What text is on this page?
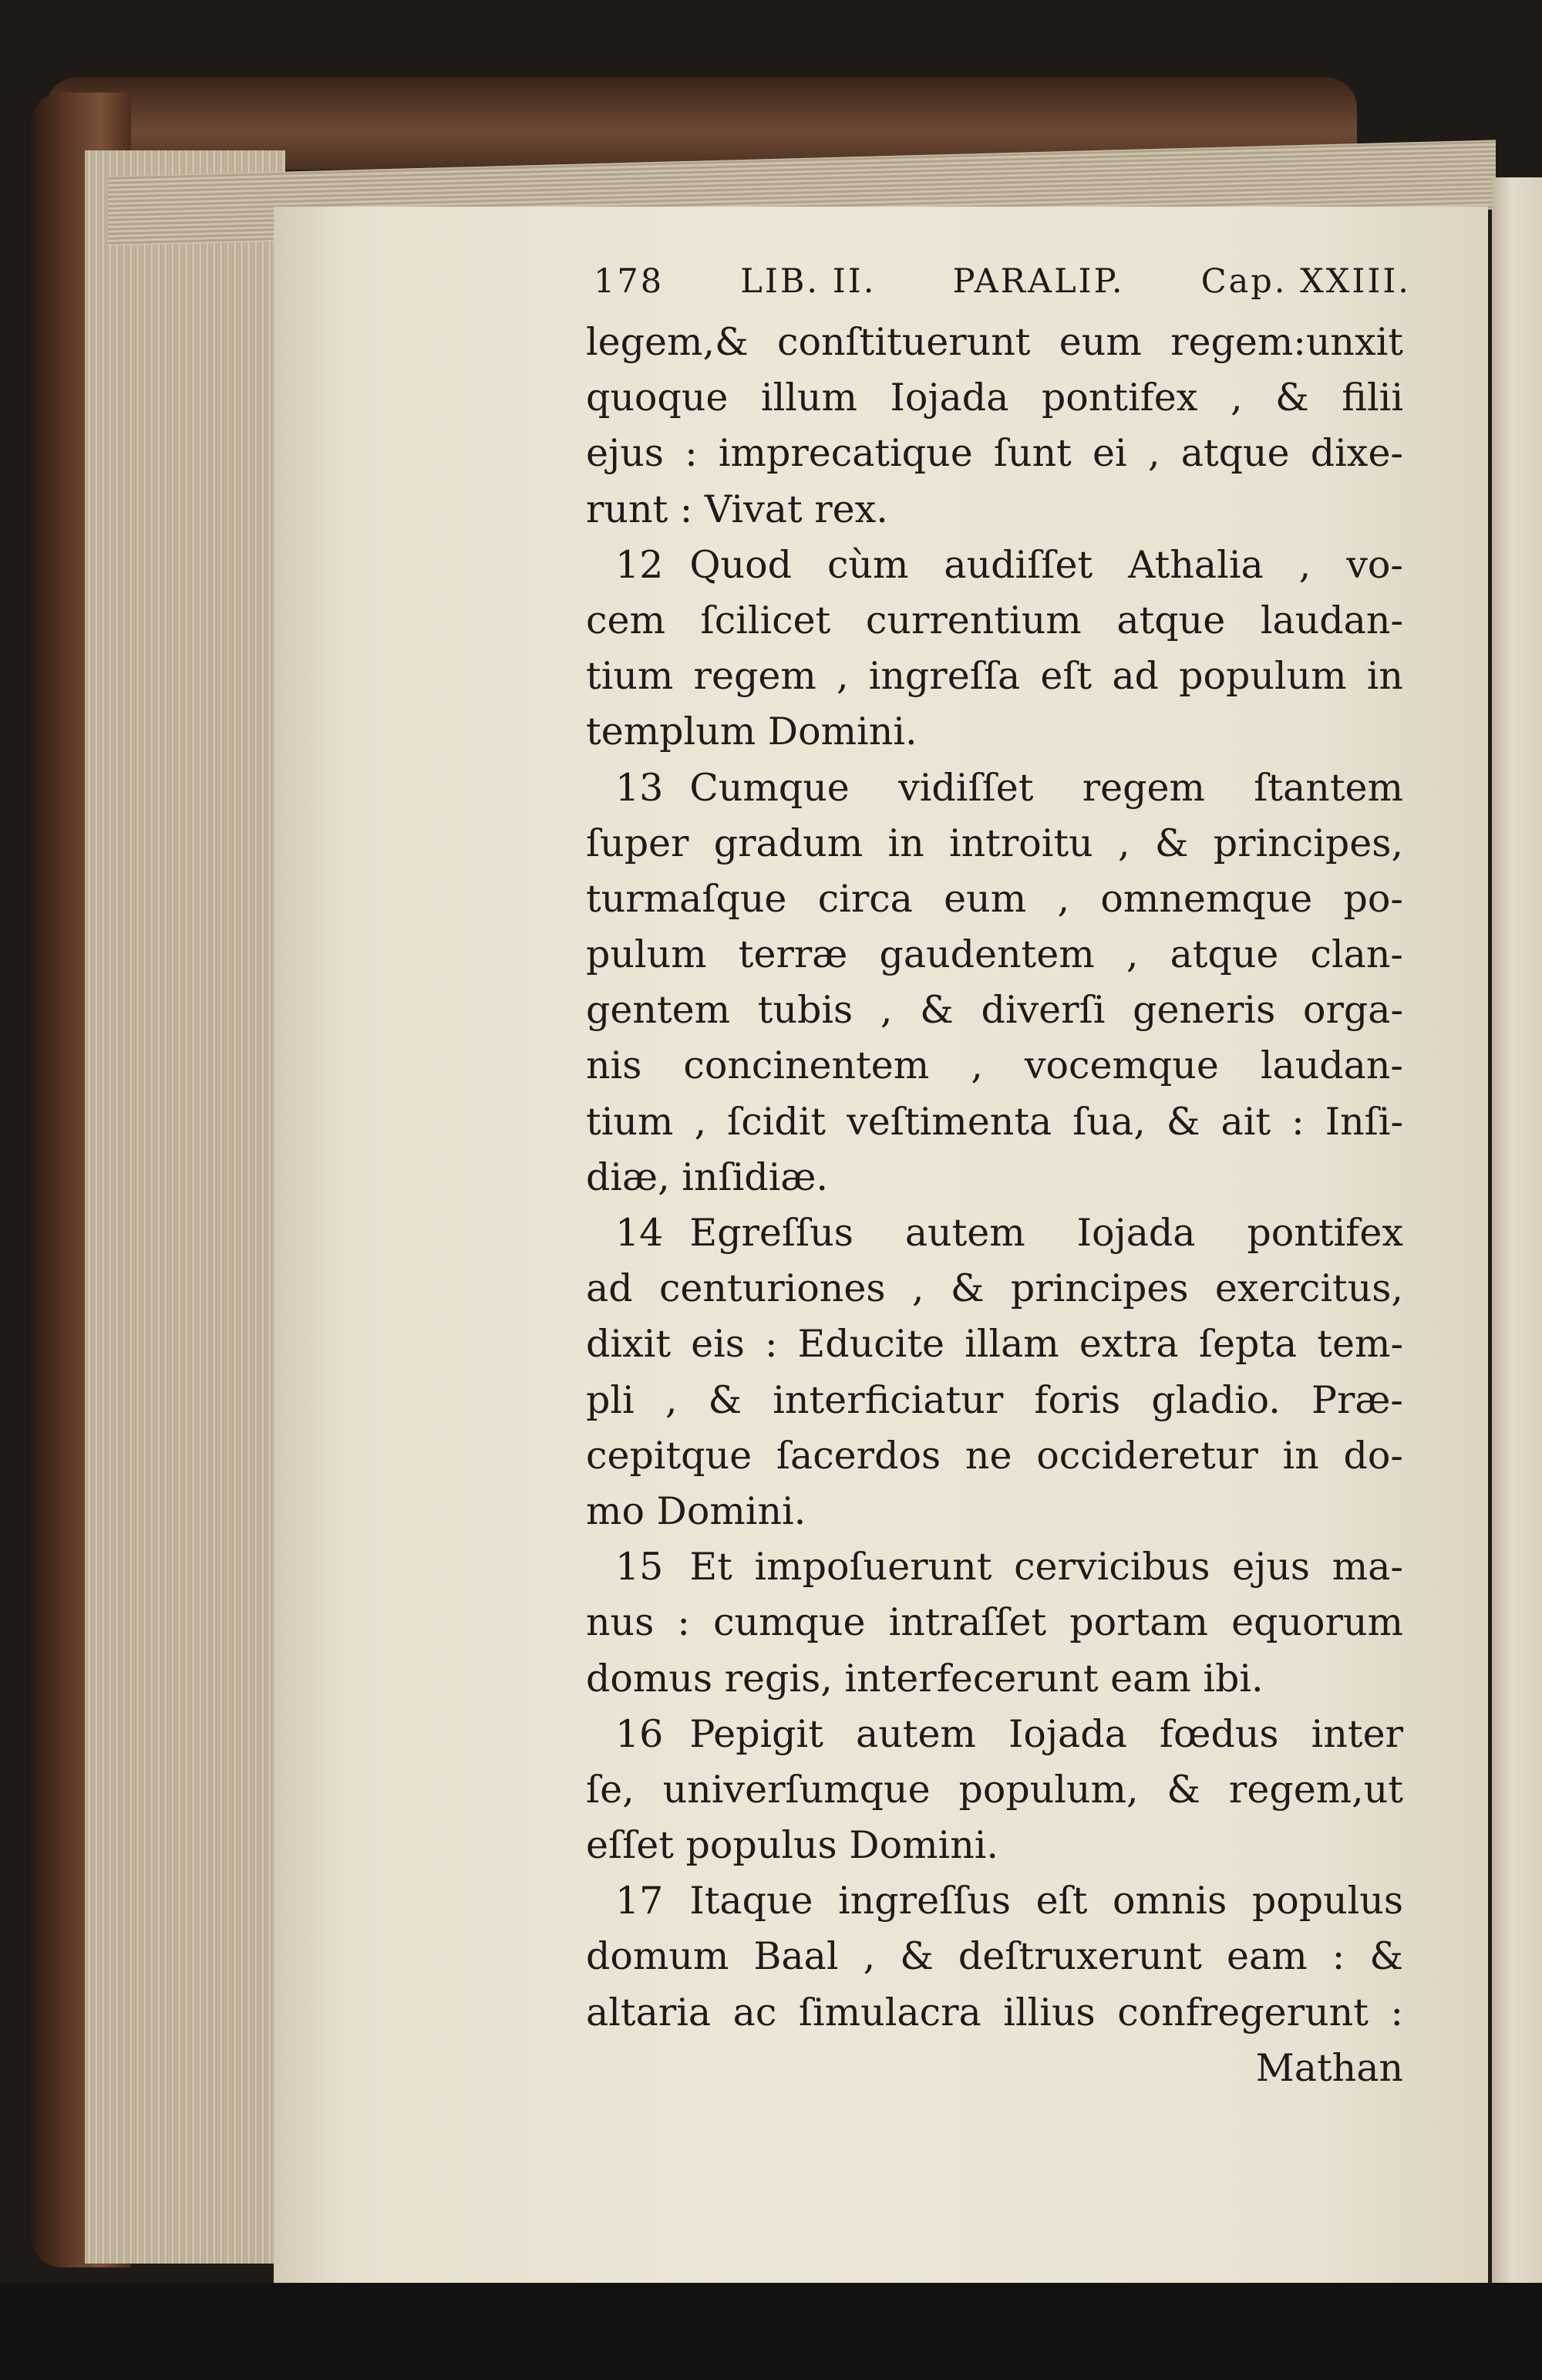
178 LIB. II. PARALIP. Cap. XXIII.
legem,& conſtituerunt eum regem:unxit
quoque illum Iojada pontifex , & filii
ejus : imprecatique ſunt ei , atque dixe-
runt : Vivat rex.
12 Quod cùm audiſſet Athalia , vo-
cem ſcilicet currentium atque laudan-
tium regem , ingreſſa eſt ad populum in
templum Domini.
13 Cumque vidiſſet regem ſtantem
ſuper gradum in introitu , & principes,
turmaſque circa eum , omnemque po-
pulum terræ gaudentem , atque clan-
gentem tubis , & diverſi generis orga-
nis concinentem , vocemque laudan-
tium , ſcidit veſtimenta ſua, & ait : Inſi-
diæ, inſidiæ.
14 Egreſſus autem Iojada pontifex
ad centuriones , & principes exercitus,
dixit eis : Educite illam extra ſepta tem-
pli , & interficiatur foris gladio. Præ-
cepitque ſacerdos ne occideretur in do-
mo Domini.
15 Et impoſuerunt cervicibus ejus ma-
nus : cumque intraſſet portam equorum
domus regis, interfecerunt eam ibi.
16 Pepigit autem Iojada fœdus inter
ſe, univerſumque populum, & regem,ut
eſſet populus Domini.
17 Itaque ingreſſus eſt omnis populus
domum Baal , & deſtruxerunt eam : &
altaria ac ſimulacra illius confregerunt :
Mathan
